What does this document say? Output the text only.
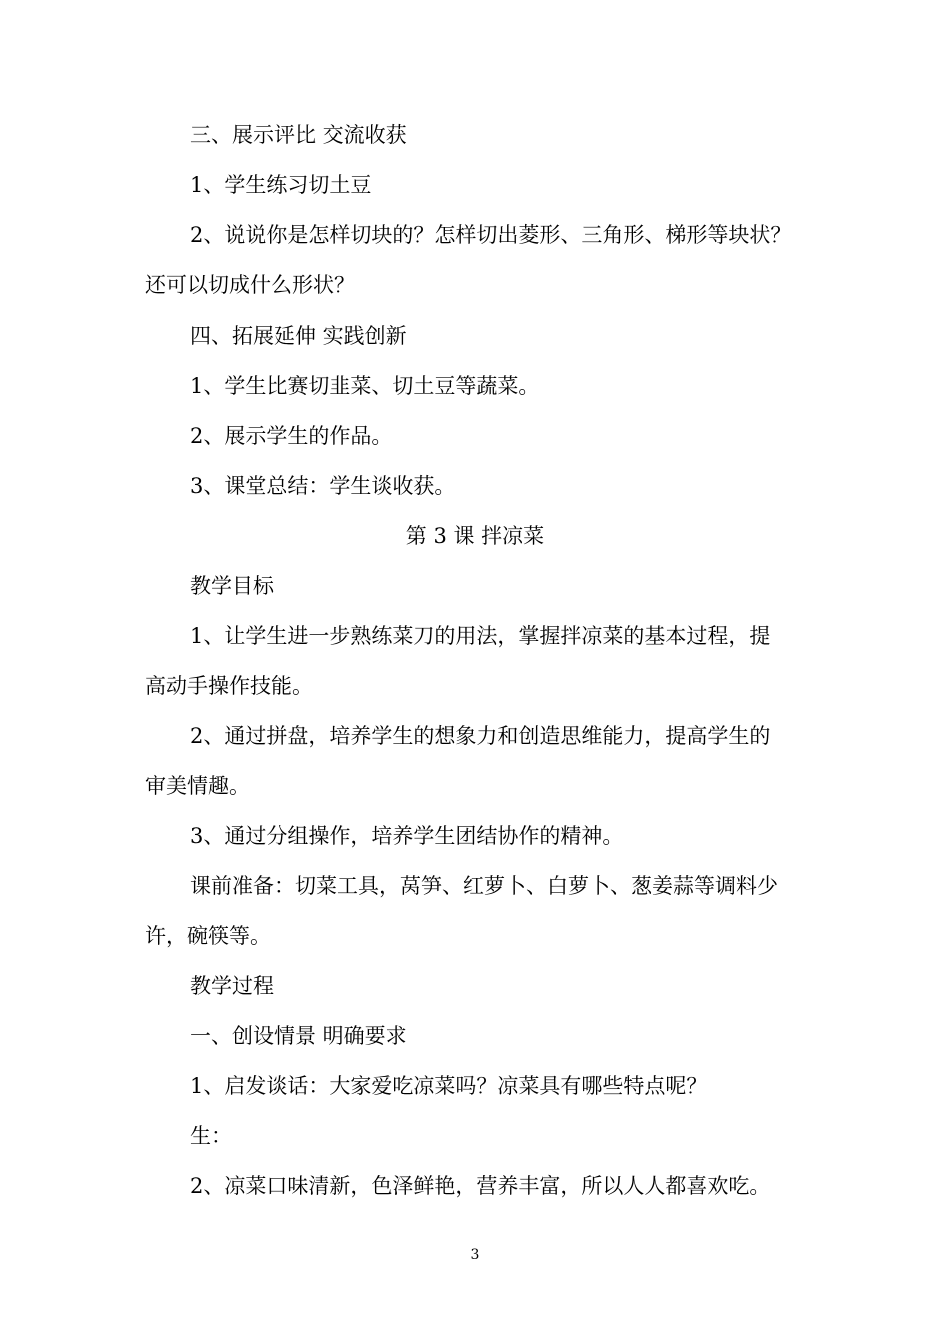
三、展示评比 交流收获
1、学生练习切土豆
2、说说你是怎样切块的？怎样切出菱形、三角形、梯形等块状？
还可以切成什么形状？
四、拓展延伸 实践创新
1、学生比赛切韭菜、切土豆等蔬菜。
2、展示学生的作品。
3、课堂总结：学生谈收获。
第 3 课 拌凉菜
教学目标
1、让学生进一步熟练菜刀的用法，掌握拌凉菜的基本过程，提
高动手操作技能。
2、通过拼盘，培养学生的想象力和创造思维能力，提高学生的
审美情趣。
3、通过分组操作，培养学生团结协作的精神。
课前准备：切菜工具，莴笋、红萝卜、白萝卜、葱姜蒜等调料少
许，碗筷等。
教学过程
一、创设情景 明确要求
1、启发谈话：大家爱吃凉菜吗？凉菜具有哪些特点呢？
生：
2、凉菜口味清新，色泽鲜艳，营养丰富，所以人人都喜欢吃。
3
